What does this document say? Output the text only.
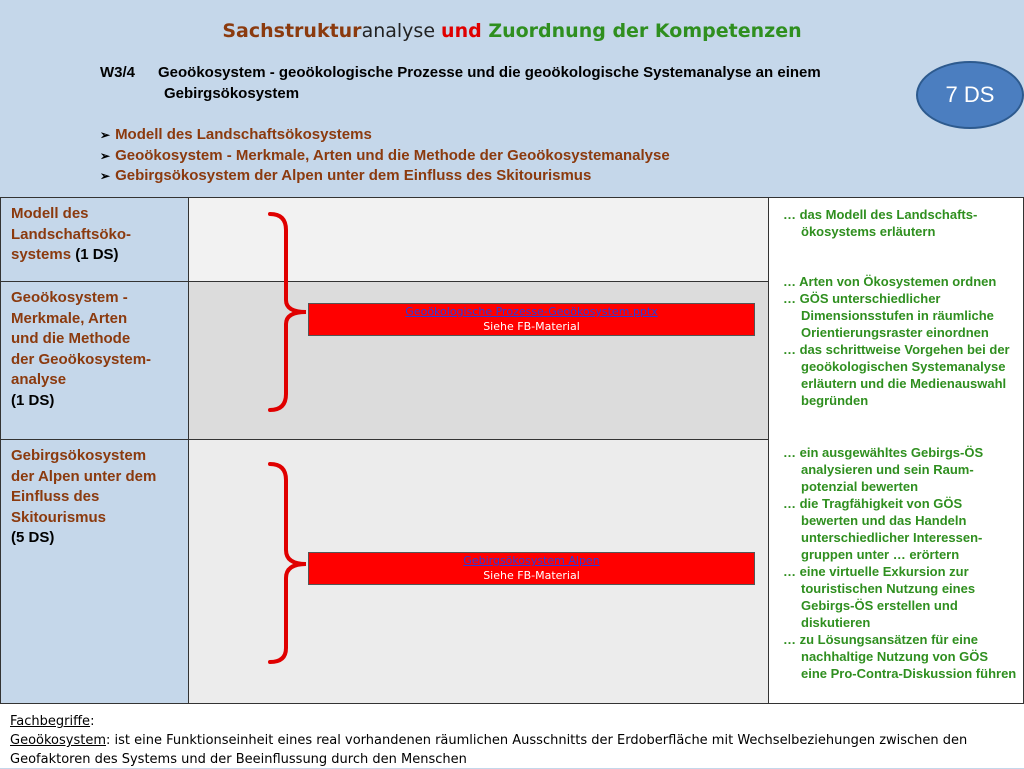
Sachstrukturanalyse und Zuordnung der Kompetenzen
W3/4 Geoökosystem - geoökologische Prozesse und die geoökologische Systemanalyse an einem
Gebirgsökosystem	7 DS
➢ Modell des Landschaftsökosystems
➢ Geoökosystem - Merkmale, Arten und die Methode der Geoökosystemanalyse
➢ Gebirgsökosystem der Alpen unter dem Einfluss des Skitourismus
Modell des
Landschaftsöko-
systems (1 DS)
Geoökosystem -
Merkmale, Arten
und die Methode
der Geoökosystem-
analyse
(1 DS)
Gebirgsökosystem
der Alpen unter dem
Einfluss des
Skitourismus
(5 DS)
… das Modell des Landschafts-ökosystems erläutern
… Arten von Ökosystemen ordnen
… GÖS unterschiedlicher Dimensionsstufen in räumliche Orientierungsraster einordnen
… das schrittweise Vorgehen bei der geoökologischen Systemanalyse erläutern und die Medienauswahl begründen
… ein ausgewähltes Gebirgs-ÖS analysieren und sein Raum-potenzial bewerten
… die Tragfähigkeit von GÖS bewerten und das Handeln unterschiedlicher Interessen-gruppen unter … erörtern
… eine virtuelle Exkursion zur touristischen Nutzung eines Gebirgs-ÖS erstellen und diskutieren
… zu Lösungsansätzen für eine nachhaltige Nutzung von GÖS eine Pro-Contra-Diskussion führen
Geoökologische Prozesse-Geoökosystem.pptx
Siehe FB-Material
Gebirgsökosystem Alpen
Siehe FB-Material
Fachbegriffe:
Geoökosystem: ist eine Funktionseinheit eines real vorhandenen räumlichen Ausschnitts der Erdoberfläche mit Wechselbeziehungen zwischen den Geofaktoren des Systems und der Beeinflussung durch den Menschen
